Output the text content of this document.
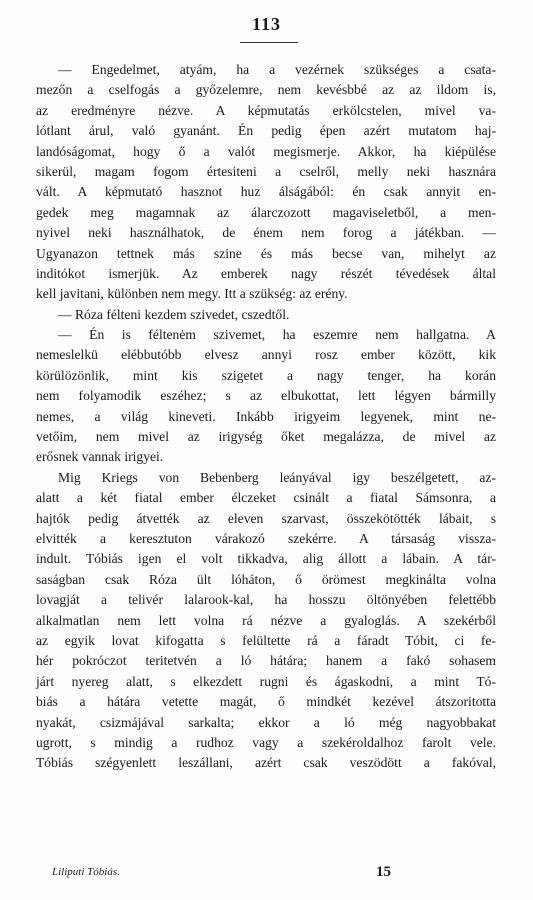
113
— Engedelmet, atyám, ha a vezérnek szükséges a csata-
mezőn a cselfogás a győzelemre, nem kevésbbé az az ildom is,
az eredményre nézve. A képmutatás erkölcstelen, mivel va-
lótlant árul, való gyanánt. Én pedig épen azért mutatom haj-
landóságomat, hogy ő a valót megismerje. Akkor, ha kiépülése
sikerül, magam fogom értesiteni a cselről, melly neki hasznára
vált. A képmutató hasznot huz álságából: én csak annyit en-
gedek meg magamnak az álarczozott magaviseletből, a men-
nyivel neki használhatok, de énem nem forog a játékban. —
Ugyanazon tettnek más szine és más becse van, mihelyt az
inditókot ismerjük. Az emberek nagy részét tévedések által
kell javitani, különben nem megy. Itt a szükség: az erény.
— Róza félteni kezdem szivedet, cszedtől.
— Én is féltenėm szivemet, ha eszemre nem hallgatna. A
nemeslelkü elébbutóbb elvesz annyi rosz ember között, kik
körülözönlik, mint kis szigetet a nagy tenger, ha korán
nem folyamodik eszéhez; s az elbukottat, lett légyen bármilly
nemes, a világ kineveti. Inkább irigyeim legyenek, mint ne-
vetőim, nem mivel az irigység őket megalázza, de mivel az
erősnek vannak irigyei.
Mig Kriegs von Bebenberg leányával igy beszélgetett, az-
alatt a két fiatal ember élczeket csinált a fiatal Sámsonra, a
hajtók pedig átvették az eleven szarvast, összekötötték lábait, s
elvitték a keresztuton várakozó szekérre. A társaság vissza-
indult. Tóbiás igen el volt tikkadva, alig állott a lábain. A tár-
saságban csak Róza ült lóháton, ő örömest megkinálta volna
lovagját a telivér lalarook-kal, ha hosszu öltönyében felettébb
alkalmatlan nem lett volna rá nézve a gyaloglás. A szekérből
az egyik lovat kifogatta s felültette rá a fáradt Tóbit, ci fe-
hér pokróczot teritetvén a ló hátára; hanem a fakó sohasem
járt nyereg alatt, s elkezdett rugni és ágaskodni, a mint Tó-
biás a hátára vetette magát, ő mindkét kezével átszoritotta
nyakát, csizmájával sarkalta; ekkor a ló még nagyobbakat
ugrott, s mindig a rudhoz vagy a szekéroldalhoz farolt vele.
Tóbiás szégyenlett leszállani, azért csak veszödött a fakóval,
Liliputi Tóbiás.	15
